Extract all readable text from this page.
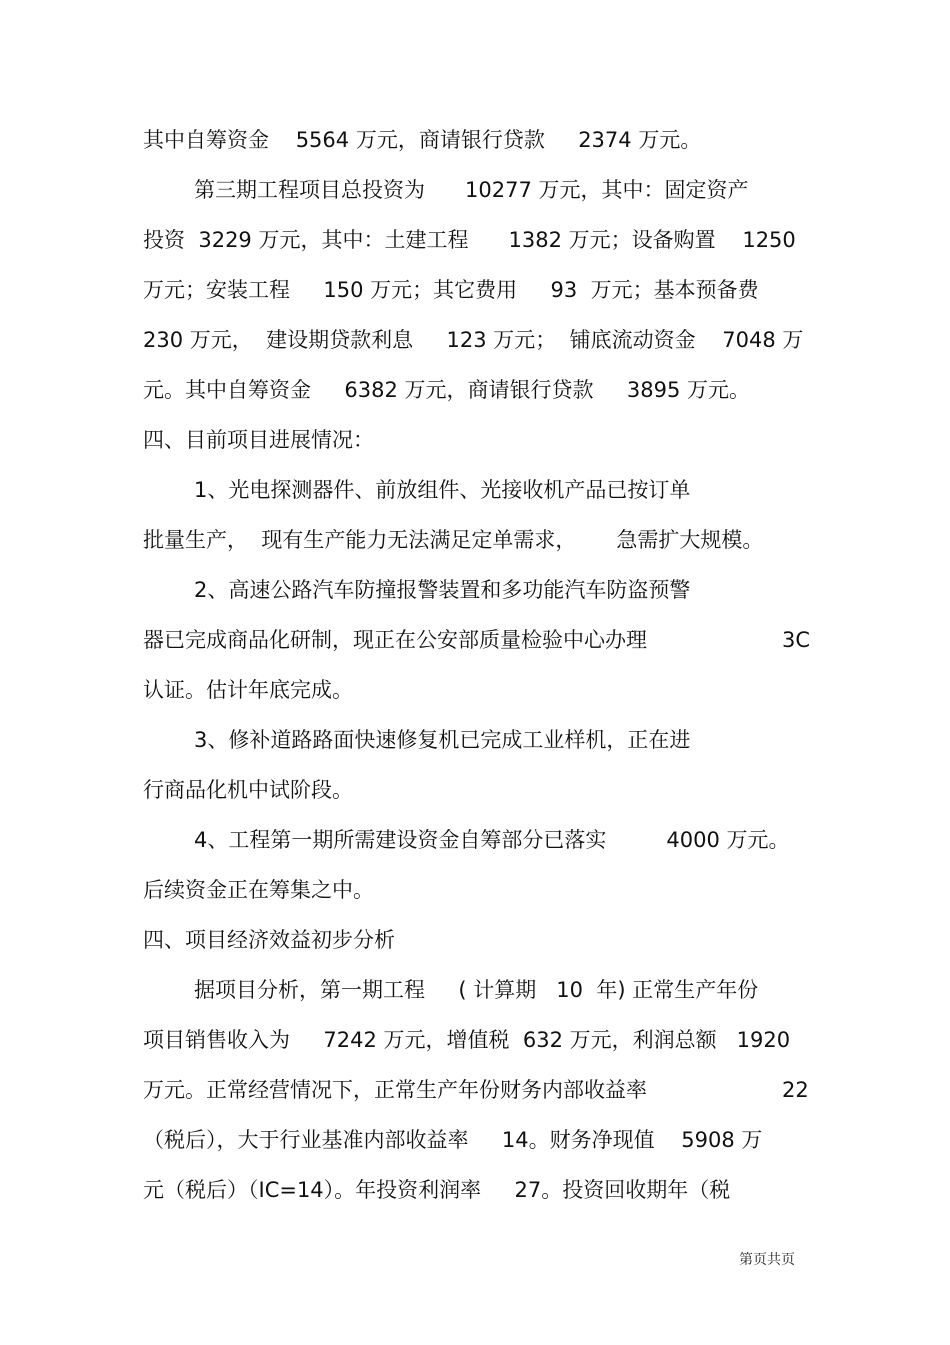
其中自筹资金    5564 万元，商请银行贷款     2374 万元。
第三期工程项目总投资为      10277 万元，其中：固定资产
投资  3229 万元，其中：土建工程      1382 万元；设备购置    1250
万元；安装工程     150 万元；其它费用     93  万元；基本预备费
230 万元，  建设期贷款利息     123 万元；  铺底流动资金    7048 万
元。其中自筹资金     6382 万元，商请银行贷款     3895 万元。
四、目前项目进展情况：
1、光电探测器件、前放组件、光接收机产品已按订单
批量生产，  现有生产能力无法满足定单需求，      急需扩大规模。
2、高速公路汽车防撞报警装置和多功能汽车防盗预警
器已完成商品化研制，现正在公安部质量检验中心办理	3C
认证。估计年底完成。
3、修补道路路面快速修复机已完成工业样机，正在进
行商品化机中试阶段。
4、工程第一期所需建设资金自筹部分已落实         4000 万元。
后续资金正在筹集之中。
四、项目经济效益初步分析
据项目分析，第一期工程     ( 计算期   10  年) 正常生产年份
项目销售收入为     7242 万元，增值税  632 万元，利润总额   1920
万元。正常经营情况下，正常生产年份财务内部收益率	22
（税后），大于行业基准内部收益率     14。财务净现值    5908 万
元（税后）（IC=14）。年投资利润率     27。投资回收期年（税
第页共页
